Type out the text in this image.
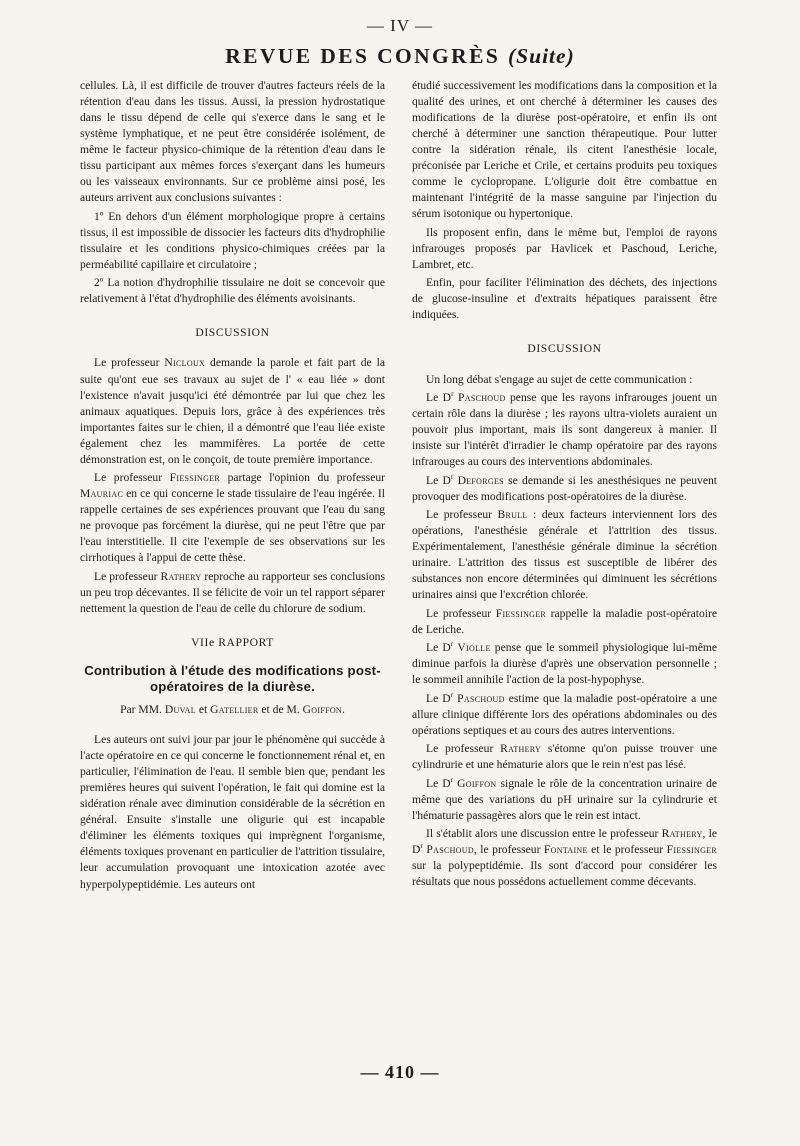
— IV —
REVUE DES CONGRÈS (Suite)

cellules. Là, il est difficile de trouver d'autres facteurs réels de la rétention d'eau dans les tissus. Aussi, la pression hydrostatique dans le tissu dépend de celle qui s'exerce dans le sang et le système lymphatique, et ne peut être considérée isolément, de même le facteur physico-chimique de la rétention d'eau dans le tissu participant aux mêmes forces s'exerçant dans les humeurs ou les vaisseaux environnants. Sur ce problème ainsi posé, les auteurs arrivent aux conclusions suivantes :

1º En dehors d'un élément morphologique propre à certains tissus, il est impossible de dissocier les facteurs dits d'hydrophilie tissulaire et les conditions physico-chimiques créées par la perméabilité capillaire et circulatoire ;

2º La notion d'hydrophilie tissulaire ne doit se concevoir que relativement à l'état d'hydrophilie des éléments avoisinants.

DISCUSSION

Le professeur Nicloux demande la parole et fait part de la suite qu'ont eue ses travaux au sujet de l' « eau liée » dont l'existence n'avait jusqu'ici été démontrée par lui que chez les animaux aquatiques. Depuis lors, grâce à des expériences très importantes faites sur le chien, il a démontré que l'eau liée existe également chez les mammifères. La portée de cette démonstration est, on le conçoit, de toute première importance.

Le professeur Fiessinger partage l'opinion du professeur Mauriac en ce qui concerne le stade tissulaire de l'eau ingérée. Il rappelle certaines de ses expériences prouvant que l'eau du sang ne provoque pas forcément la diurèse, qui ne peut l'être que par l'eau interstitielle. Il cite l'exemple de ses observations sur les cirrhotiques à l'appui de cette thèse.

Le professeur Rathery reproche au rapporteur ses conclusions un peu trop décevantes. Il se félicite de voir un tel rapport séparer nettement la question de l'eau de celle du chlorure de sodium.

VIIe RAPPORT
Contribution à l'étude des modifications post-opératoires de la diurèse.

Par MM. Duval et Gatellier et de M. Goiffon.

Les auteurs ont suivi jour par jour le phénomène qui succède à l'acte opératoire en ce qui concerne le fonctionnement rénal et, en particulier, l'élimination de l'eau. Il semble bien que, pendant les premières heures qui suivent l'opération, le fait qui domine est la sidération rénale avec diminution considérable de la sécrétion en général. Ensuite s'installe une oligurie qui est incapable d'éliminer les éléments toxiques qui imprègnent l'organisme, éléments toxiques provenant en particulier de l'attrition tissulaire, leur accumulation provoquant une intoxication azotée avec hyperpolypeptidémie. Les auteurs ont

étudié successivement les modifications dans la composition et la qualité des urines, et ont cherché à déterminer les causes des modifications de la diurèse post-opératoire, et enfin ils ont cherché à déterminer une sanction thérapeutique. Pour lutter contre la sidération rénale, ils citent l'anesthésie locale, préconisée par Leriche et Crile, et certains produits peu toxiques comme le cyclopropane. L'oligurie doit être combattue en maintenant l'intégrité de la masse sanguine par l'injection du sérum isotonique ou hypertonique.

Ils proposent enfin, dans le même but, l'emploi de rayons infrarouges proposés par Havlicek et Paschoud, Leriche, Lambret, etc.

Enfin, pour faciliter l'élimination des déchets, des injections de glucose-insuline et d'extraits hépatiques paraissent être indiquées.

DISCUSSION

Un long débat s'engage au sujet de cette communication :

Le $D^r$ Paschoud pense que les rayons infrarouges jouent un certain rôle dans la diurèse ; les rayons ultra-violets auraient un pouvoir plus important, mais ils sont dangereux à manier. Il insiste sur l'intérêt d'irradier le champ opératoire par des rayons infrarouges au cours des interventions abdominales.

Le $D^r$ Deforges se demande si les anesthésiques ne peuvent provoquer des modifications post-opératoires de la diurèse.

Le professeur Brull : deux facteurs interviennent lors des opérations, l'anesthésie générale et l'attrition des tissus. Expérimentalement, l'anesthésie générale diminue la sécrétion urinaire. L'attrition des tissus est susceptible de libérer des substances non encore déterminées qui diminuent les sécrétions urinaires ainsi que l'excrétion chlorée.

Le professeur Fiessinger rappelle la maladie post-opératoire de Leriche.

Le $D^r$ Violle pense que le sommeil physiologique lui-même diminue parfois la diurèse d'après une observation personnelle ; le sommeil annihile l'action de la post-hypophyse.

Le $D^r$ Paschoud estime que la maladie post-opératoire a une allure clinique différente lors des opérations abdominales ou des opérations septiques et au cours des autres interventions.

Le professeur Rathery s'étonne qu'on puisse trouver une cylindrurie et une hématurie alors que le rein n'est pas lésé.

Le $D^r$ Goiffon signale le rôle de la concentration urinaire de même que des variations du pH urinaire sur la cylindrurie et l'hématurie passagères alors que le rein est intact.

Il s'établit alors une discussion entre le professeur Rathery, le $D^r$ Paschoud, le professeur Fontaine et le professeur Fiessinger sur la polypeptidémie. Ils sont d'accord pour considérer les résultats que nous possédons actuellement comme décevants.

— 410 —
